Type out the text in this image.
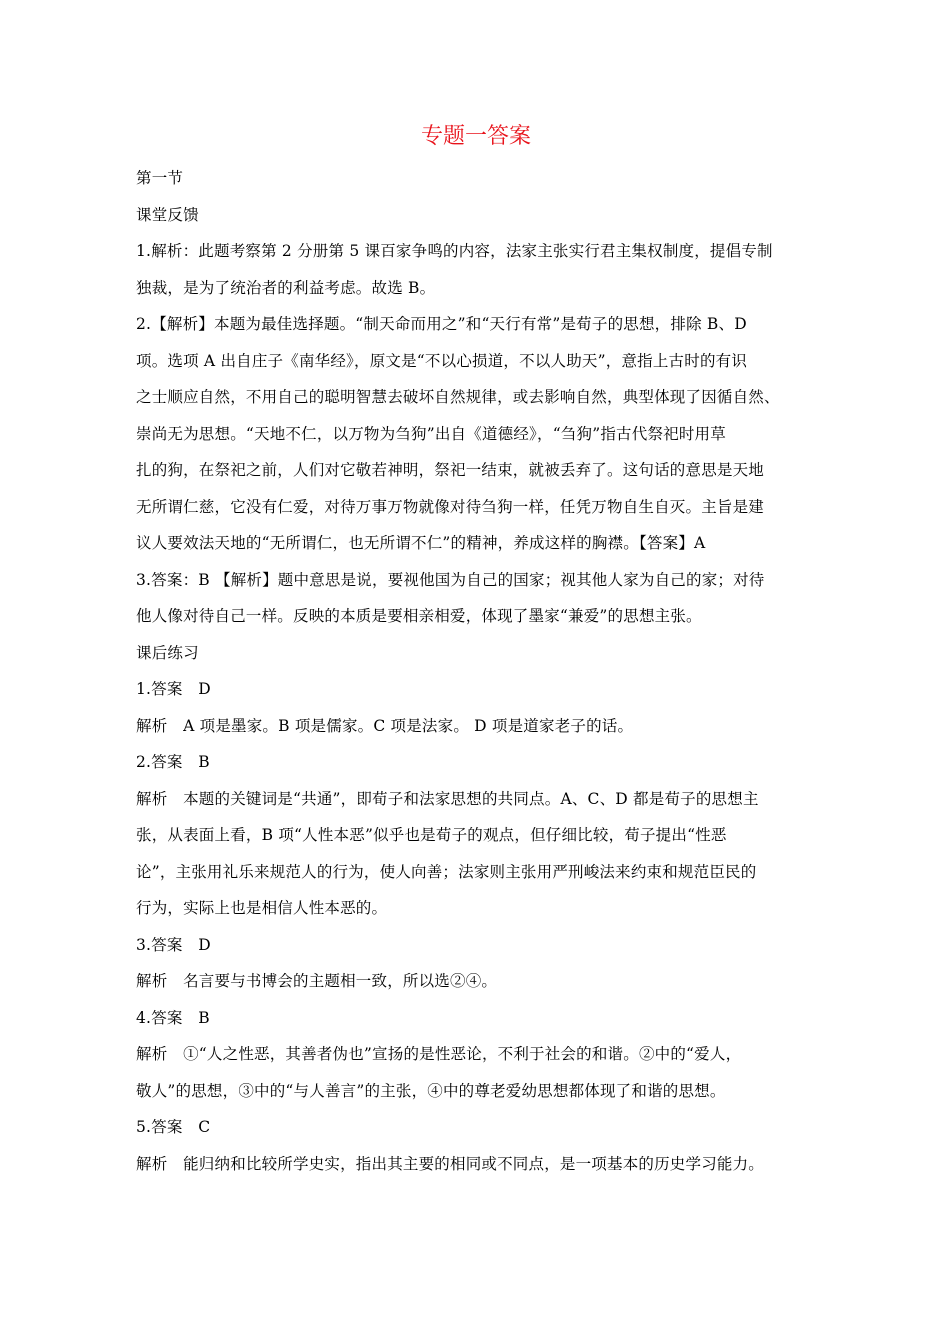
专题一答案
第一节
课堂反馈
1.解析：此题考察第 2 分册第 5 课百家争鸣的内容，法家主张实行君主集权制度，提倡专制
独裁，是为了统治者的利益考虑。故选 B。
2.【解析】本题为最佳选择题。“制天命而用之”和“天行有常”是荀子的思想，排除 B、D
项。选项 A 出自庄子《南华经》，原文是“不以心损道，不以人助天”，意指上古时的有识
之士顺应自然，不用自己的聪明智慧去破坏自然规律，或去影响自然，典型体现了因循自然、
崇尚无为思想。“天地不仁，以万物为刍狗”出自《道德经》，“刍狗”指古代祭祀时用草
扎的狗，在祭祀之前，人们对它敬若神明，祭祀一结束，就被丢弃了。这句话的意思是天地
无所谓仁慈，它没有仁爱，对待万事万物就像对待刍狗一样，任凭万物自生自灭。主旨是建
议人要效法天地的“无所谓仁，也无所谓不仁”的精神，养成这样的胸襟。【答案】A
3.答案：B 【解析】题中意思是说，要视他国为自己的国家；视其他人家为自己的家；对待
他人像对待自己一样。反映的本质是要相亲相爱，体现了墨家“兼爱”的思想主张。
课后练习
1.答案　D
解析　A 项是墨家。B 项是儒家。C 项是法家。 D 项是道家老子的话。
2.答案　B
解析　本题的关键词是“共通”，即荀子和法家思想的共同点。A、C、D 都是荀子的思想主
张，从表面上看，B 项“人性本恶”似乎也是荀子的观点，但仔细比较，荀子提出“性恶
论”，主张用礼乐来规范人的行为，使人向善；法家则主张用严刑峻法来约束和规范臣民的
行为，实际上也是相信人性本恶的。
3.答案　D
解析　名言要与书博会的主题相一致，所以选②④。
4.答案　B
解析　①“人之性恶，其善者伪也”宣扬的是性恶论，不利于社会的和谐。②中的“爱人，
敬人”的思想，③中的“与人善言”的主张，④中的尊老爱幼思想都体现了和谐的思想。
5.答案　C
解析　能归纳和比较所学史实，指出其主要的相同或不同点，是一项基本的历史学习能力。
